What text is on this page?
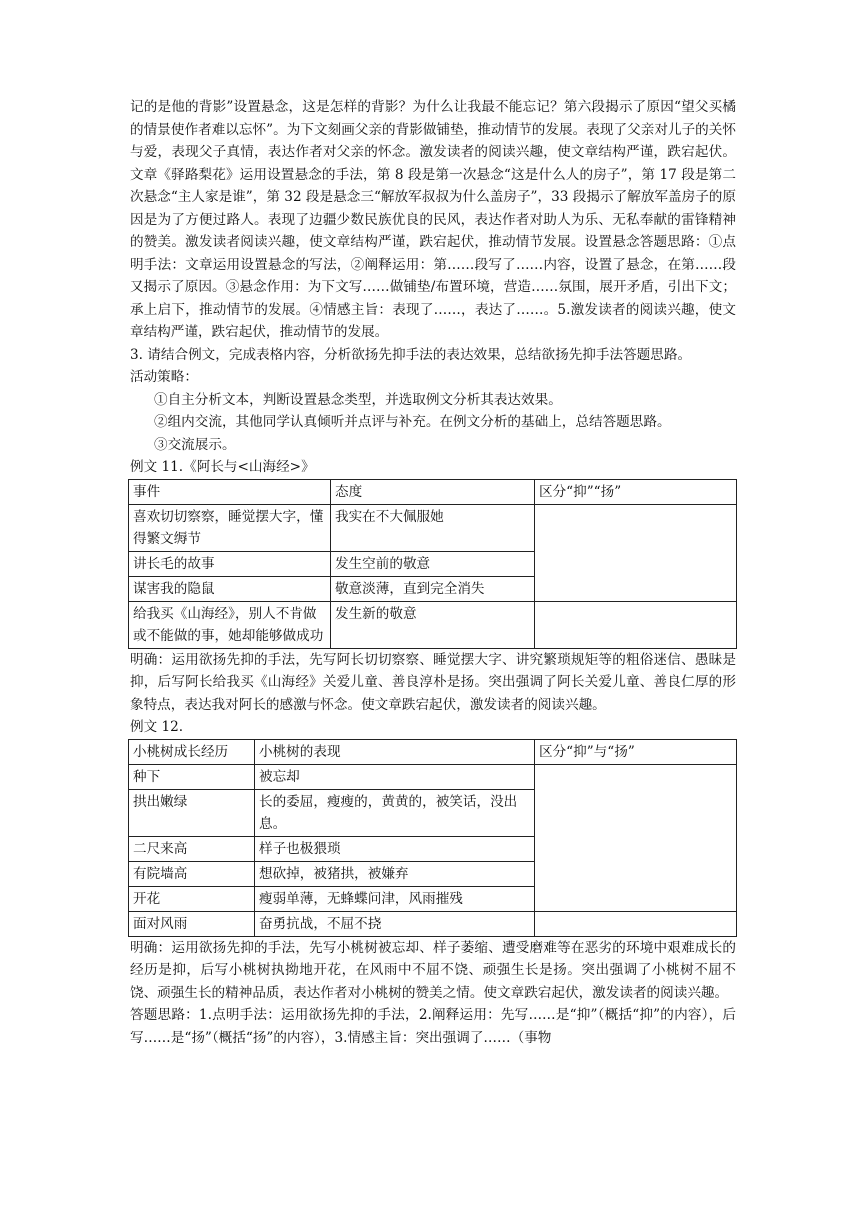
记的是他的背影”设置悬念，这是怎样的背影？为什么让我最不能忘记？第六段揭示了原因“望父买橘的情景使作者难以忘怀”。为下文刻画父亲的背影做铺垫，推动情节的发展。表现了父亲对儿子的关怀与爱，表现父子真情，表达作者对父亲的怀念。激发读者的阅读兴趣，使文章结构严谨，跌宕起伏。文章《驿路梨花》运用设置悬念的手法，第 8 段是第一次悬念“这是什么人的房子”，第 17 段是第二次悬念“主人家是谁”，第 32 段是悬念三“解放军叔叔为什么盖房子”，33 段揭示了解放军盖房子的原因是为了方便过路人。表现了边疆少数民族优良的民风，表达作者对助人为乐、无私奉献的雷锋精神的赞美。激发读者阅读兴趣，使文章结构严谨，跌宕起伏，推动情节发展。设置悬念答题思路：①点明手法：文章运用设置悬念的写法，②阐释运用：第……段写了……内容，设置了悬念，在第……段又揭示了原因。③悬念作用：为下文写……做铺垫/布置环境，营造……氛围，展开矛盾，引出下文；承上启下，推动情节的发展。④情感主旨：表现了……，表达了……。5.激发读者的阅读兴趣，使文章结构严谨，跌宕起伏，推动情节的发展。

3. 请结合例文，完成表格内容，分析欲扬先抑手法的表达效果，总结欲扬先抑手法答题思路。

活动策略：

①自主分析文本，判断设置悬念类型，并选取例文分析其表达效果。

②组内交流，其他同学认真倾听并点评与补充。在例文分析的基础上，总结答题思路。

③交流展示。

例文 11.《阿长与<山海经>》

事件	态度	区分“抑”“扬”
喜欢切切察察，睡觉摆大字，懂得繁文缛节	我实在不大佩服她	
讲长毛的故事	发生空前的敬意	
谋害我的隐鼠	敬意淡薄，直到完全消失	
给我买《山海经》，别人不肯做或不能做的事，她却能够做成功	发生新的敬意	

明确：运用欲扬先抑的手法，先写阿长切切察察、睡觉摆大字、讲究繁琐规矩等的粗俗迷信、愚昧是抑，后写阿长给我买《山海经》关爱儿童、善良淳朴是扬。突出强调了阿长关爱儿童、善良仁厚的形象特点，表达我对阿长的感激与怀念。使文章跌宕起伏，激发读者的阅读兴趣。

例文 12.

小桃树成长经历	小桃树的表现	区分“抑”与“扬”
种下	被忘却	
拱出嫩绿	长的委屈，瘦瘦的，黄黄的，被笑话，没出息。	
二尺来高	样子也极猥琐	
有院墙高	想砍掉，被猪拱，被嫌弃	
开花	瘦弱单薄，无蜂蝶问津，风雨摧残	
面对风雨	奋勇抗战，不屈不挠	

明确：运用欲扬先抑的手法，先写小桃树被忘却、样子萎缩、遭受磨难等在恶劣的环境中艰难成长的经历是抑，后写小桃树执拗地开花，在风雨中不屈不饶、顽强生长是扬。突出强调了小桃树不屈不饶、顽强生长的精神品质，表达作者对小桃树的赞美之情。使文章跌宕起伏，激发读者的阅读兴趣。

答题思路：1.点明手法：运用欲扬先抑的手法，2.阐释运用：先写……是“抑”（概括“抑”的内容），后写……是“扬”（概括“扬”的内容），3.情感主旨：突出强调了……（事物
